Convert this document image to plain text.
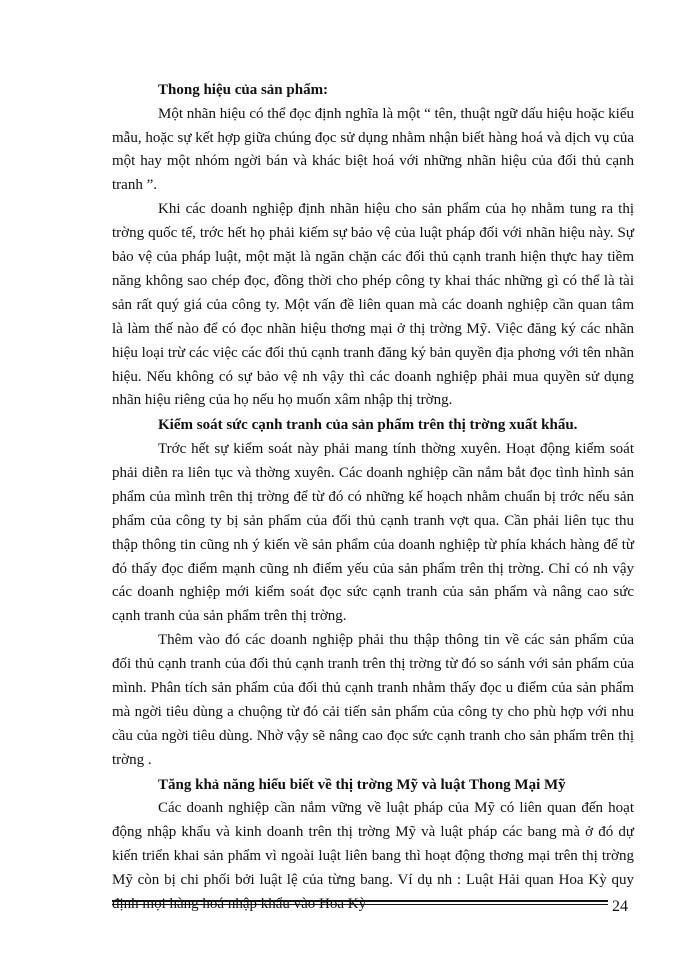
Thong hiệu của sản phẩm:

Một nhãn hiệu có thể đọc định nghĩa là một “ tên, thuật ngữ dấu hiệu hoặc kiểu mẫu, hoặc sự kết hợp giữa chúng đọc sử dụng nhằm nhận biết hàng hoá và dịch vụ của một hay một nhóm ngời bán và khác biệt hoá với những nhãn hiệu của đối thủ cạnh tranh ”.

Khi các doanh nghiệp định nhãn hiệu cho sản phẩm của họ nhằm tung ra thị trờng quốc tế, trớc hết họ phải kiếm sự bảo vệ của luật pháp đối với nhãn hiệu này. Sự bảo vệ của pháp luật, một mặt là ngăn chặn các đối thủ cạnh tranh hiện thực hay tiềm năng không sao chép đọc, đồng thời cho phép công ty khai thác những gì có thể là tài sản rất quý giá của công ty. Một vấn đề liên quan mà các doanh nghiệp cần quan tâm là làm thế nào để có đọc nhãn hiệu thơng mại ở thị trờng Mỹ. Việc đăng ký các nhãn hiệu loại trừ các việc các đối thủ cạnh tranh đăng ký bản quyền địa phơng với tên nhãn hiệu. Nếu không có sự bảo vệ nh vậy thì các doanh nghiệp phải mua quyền sử dụng nhãn hiệu riêng của họ nếu họ muốn xâm nhập thị trờng.

Kiểm soát sức cạnh tranh của sản phẩm trên thị trờng xuất khẩu.

Trớc hết sự kiểm soát này phải mang tính thờng xuyên. Hoạt động kiểm soát phải diễn ra liên tục và thờng xuyên. Các doanh nghiệp cần nắm bắt đọc tình hình sản phẩm của mình trên thị trờng để từ đó có những kế hoạch nhằm chuẩn bị trớc nếu sản phẩm của công ty bị sản phẩm của đối thủ cạnh tranh vợt qua. Cần phải liên tục thu thập thông tin cũng nh ý kiến về sản phẩm của doanh nghiệp từ phía khách hàng để từ đó thấy đọc điểm mạnh cũng nh điểm yếu của sản phẩm trên thị trờng. Chỉ có nh vậy các doanh nghiệp mới kiểm soát đọc sức cạnh tranh của sản phẩm và nâng cao sức cạnh tranh của sản phẩm trên thị trờng.

Thêm vào đó các doanh nghiệp phải thu thập thông tin về các sản phẩm của đối thủ cạnh tranh của đối thủ cạnh tranh trên thị trờng từ đó so sánh với sản phẩm của mình. Phân tích sản phẩm của đối thủ cạnh tranh nhằm thấy đọc u điểm của sản phẩm mà ngời tiêu dùng a chuộng từ đó cải tiến sản phẩm của công ty cho phù hợp với nhu cầu của ngời tiêu dùng. Nhờ vậy sẽ nâng cao đọc sức cạnh tranh cho sản phẩm trên thị trờng .

Tăng khả năng hiểu biết về thị trờng Mỹ và luật Thong Mại Mỹ

Các doanh nghiệp cần nắm vững về luật pháp của Mỹ có liên quan đến hoạt động nhập khẩu và kinh doanh trên thị trờng Mỹ và luật pháp các bang mà ở đó dự kiến triển khai sản phẩm vì ngoài luật liên bang thì hoạt động thơng mại trên thị trờng Mỹ còn bị chi phối bởi luật lệ của từng bang. Ví dụ nh : Luật Hải quan Hoa Kỳ quy định mọi hàng hoá nhập khẩu vào Hoa Kỳ	24
